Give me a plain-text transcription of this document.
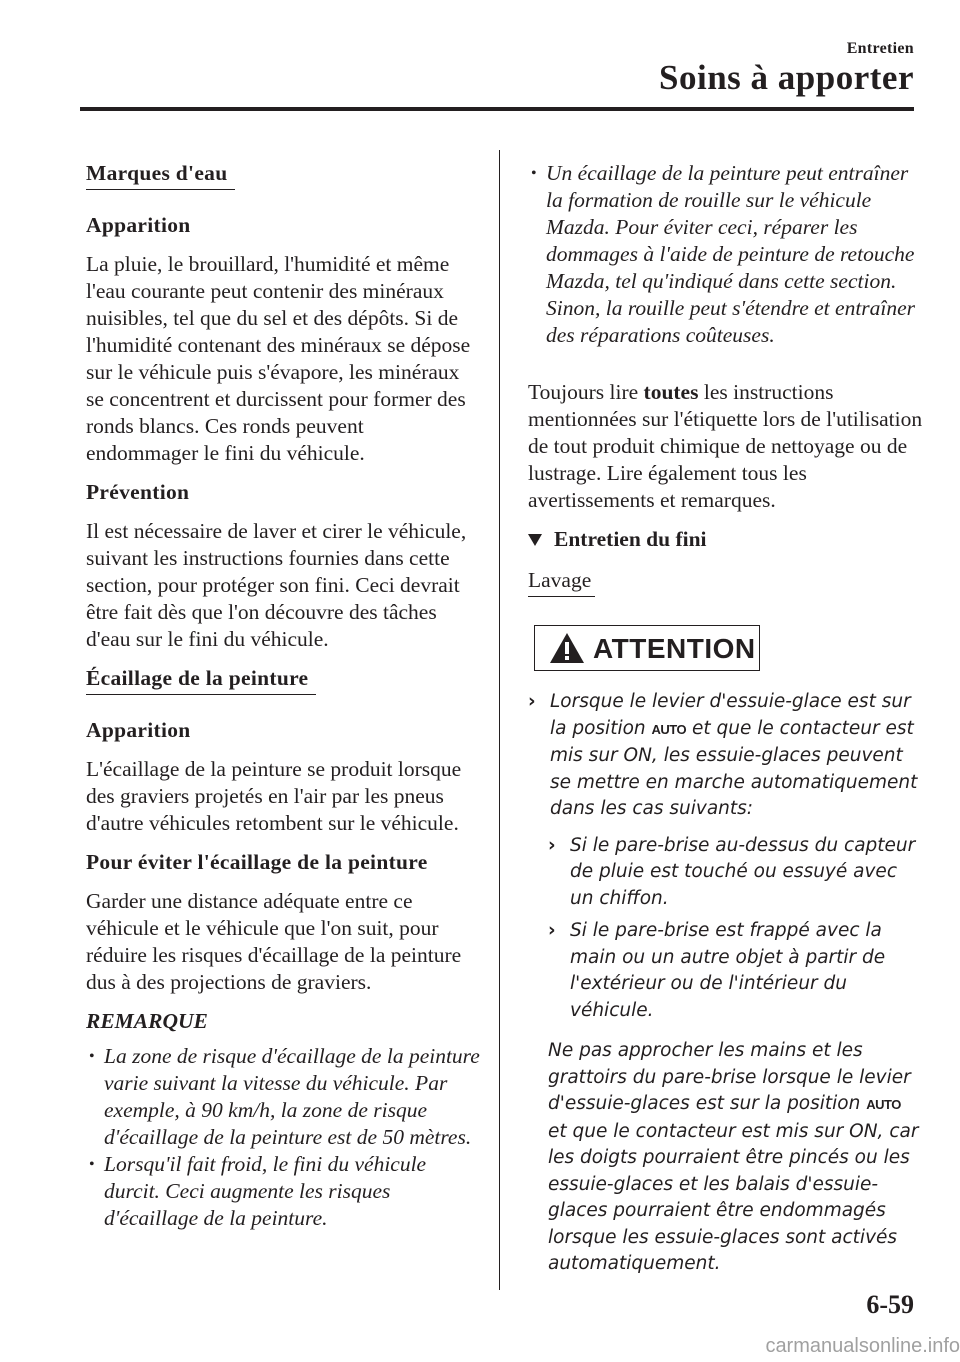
Entretien
Soins à apporter
Marques d'eau
Apparition

La pluie, le brouillard, l'humidité et même l'eau courante peut contenir des minéraux nuisibles, tel que du sel et des dépôts. Si de l'humidité contenant des minéraux se dépose sur le véhicule puis s'évapore, les minéraux se concentrent et durcissent pour former des ronds blancs. Ces ronds peuvent endommager le fini du véhicule.

Prévention

Il est nécessaire de laver et cirer le véhicule, suivant les instructions fournies dans cette section, pour protéger son fini. Ceci devrait être fait dès que l'on découvre des tâches d'eau sur le fini du véhicule.

Écaillage de la peinture
Apparition

L'écaillage de la peinture se produit lorsque des graviers projetés en l'air par les pneus d'autre véhicules retombent sur le véhicule.

Pour éviter l'écaillage de la peinture

Garder une distance adéquate entre ce véhicule et le véhicule que l'on suit, pour réduire les risques d'écaillage de la peinture dus à des projections de graviers.

REMARQUE

• La zone de risque d'écaillage de la peinture varie suivant la vitesse du véhicule. Par exemple, à 90 km/h, la zone de risque d'écaillage de la peinture est de 50 mètres.

• Lorsqu'il fait froid, le fini du véhicule durcit. Ceci augmente les risques d'écaillage de la peinture.

• Un écaillage de la peinture peut entraîner la formation de rouille sur le véhicule Mazda. Pour éviter ceci, réparer les dommages à l'aide de peinture de retouche Mazda, tel qu'indiqué dans cette section. Sinon, la rouille peut s'étendre et entraîner des réparations coûteuses.

Toujours lire toutes les instructions mentionnées sur l'étiquette lors de l'utilisation de tout produit chimique de nettoyage ou de lustrage. Lire également tous les avertissements et remarques.

Entretien du fini
Lavage
ATTENTION
› Lorsque le levier d'essuie-glace est sur la position AUTO et que le contacteur est mis sur ON, les essuie-glaces peuvent se mettre en marche automatiquement dans les cas suivants:
› Si le pare-brise au-dessus du capteur de pluie est touché ou essuyé avec un chiffon.
› Si le pare-brise est frappé avec la main ou un autre objet à partir de l'extérieur ou de l'intérieur du véhicule.

Ne pas approcher les mains et les grattoirs du pare-brise lorsque le levier d'essuie-glaces est sur la position AUTO et que le contacteur est mis sur ON, car les doigts pourraient être pincés ou les essuie-glaces et les balais d'essuie-glaces pourraient être endommagés lorsque les essuie-glaces sont activés automatiquement.

6-59
carmanualsonline.info
